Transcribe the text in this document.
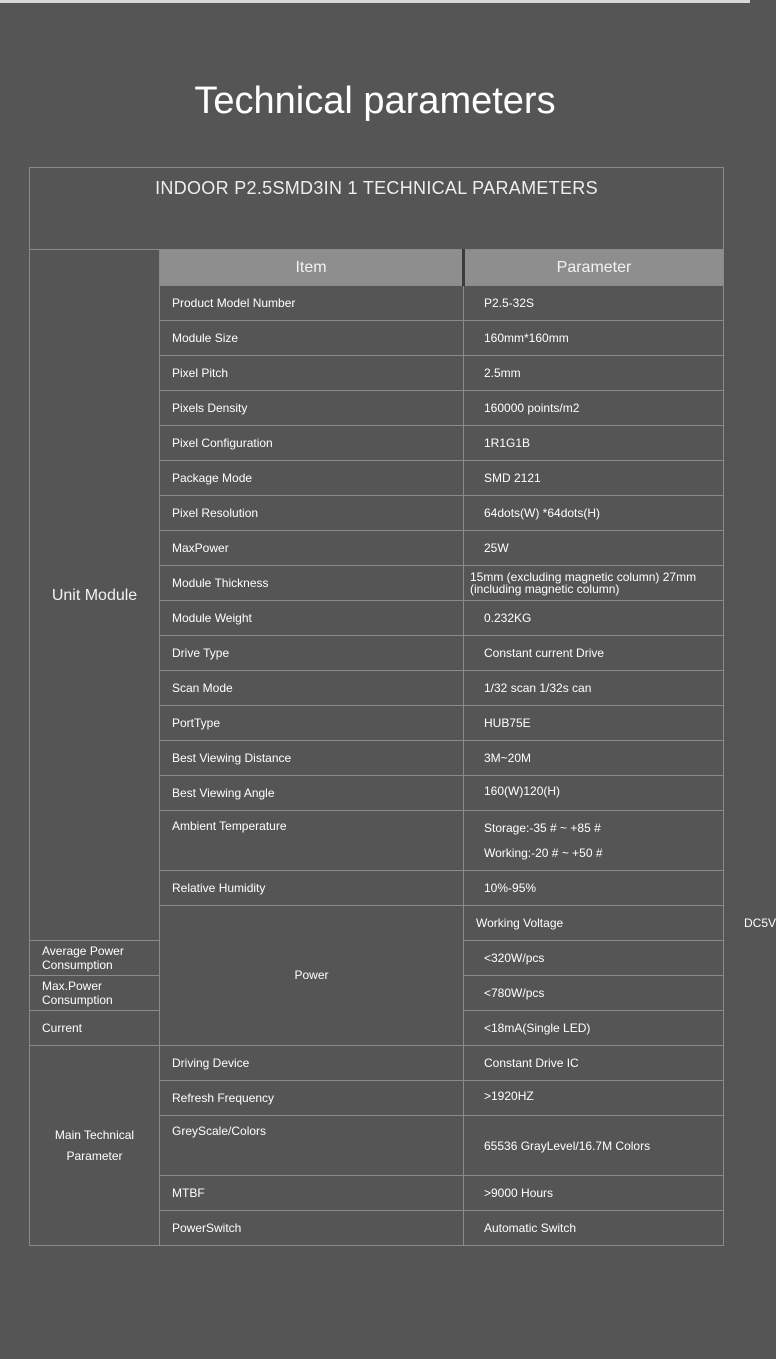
Technical parameters
INDOOR P2.5SMD3IN 1 TECHNICAL PARAMETERS			
Unit Module	Item	Parameter	
	Product Model Number	P2.5-32S	
	Module Size	160mm*160mm	
	Pixel Pitch	2.5mm	
	Pixels Density	160000 points/m2	
	Pixel Configuration	1R1G1B	
	Package Mode	SMD 2121	
	Pixel Resolution	64dots(W) *64dots(H)	
	MaxPower	25W	
	Module Thickness	15mm (excluding magnetic column) 27mm (including magnetic column)	
	Module Weight	0.232KG	
	Drive Type	Constant current Drive	
	Scan Mode	1/32 scan 1/32s can	
	PortType	HUB75E	
	Best Viewing Distance	3M~20M	
	Best Viewing Angle	160(W)120(H)	
	Ambient Temperature	Storage:-35 # ~ +85 #
Working:-20 # ~ +50 #	

	Relative Humidity	10%-95%	
	Power	Working Voltage	DC5V
Average Power Consumption		<320W/pcs	
Max.Power Consumption		<780W/pcs	
Current		<18mA(Single LED)	
Main Technical Parameter	Driving Device	Constant Drive IC	
	Refresh Frequency	>1920HZ	
	GreyScale/Colors	65536 GrayLevel/16.7M Colors	
	MTBF	>9000 Hours	
	PowerSwitch	Automatic Switch	
